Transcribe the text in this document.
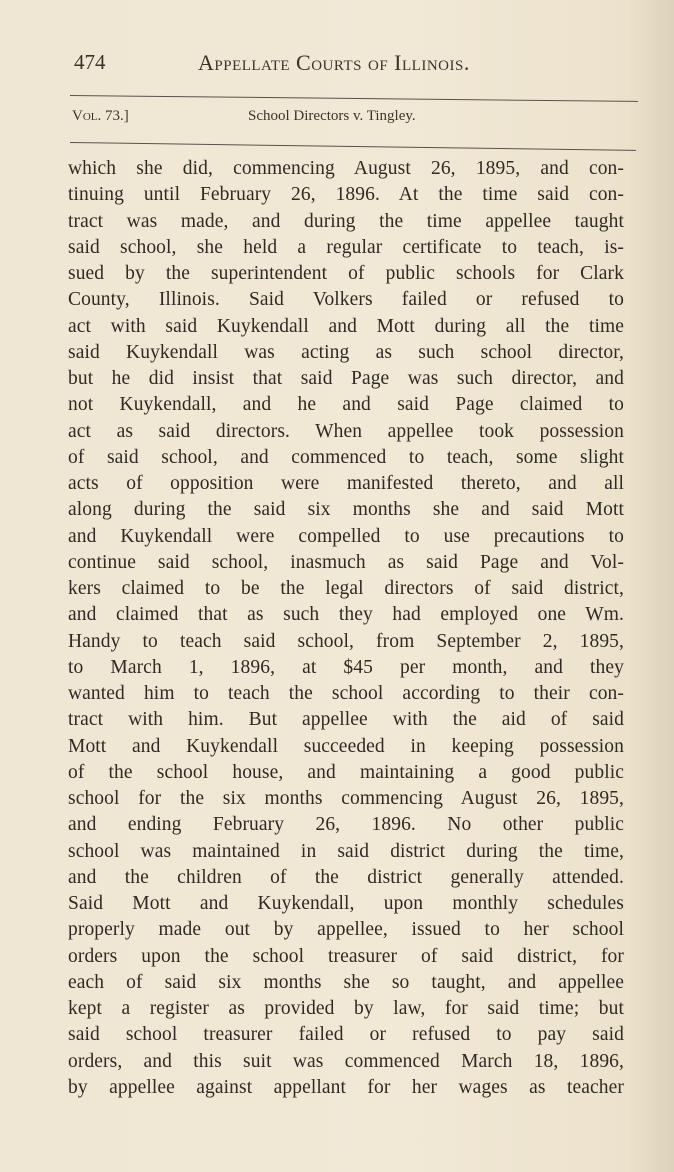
474	Appellate Courts of Illinois.
Vol. 73.]	School Directors v. Tingley.
which she did, commencing August 26, 1895, and con-
tinuing until February 26, 1896. At the time said con-
tract was made, and during the time appellee taught
said school, she held a regular certificate to teach, is-
sued by the superintendent of public schools for Clark
County, Illinois. Said Volkers failed or refused to
act with said Kuykendall and Mott during all the time
said Kuykendall was acting as such school director,
but he did insist that said Page was such director, and
not Kuykendall, and he and said Page claimed to
act as said directors. When appellee took possession
of said school, and commenced to teach, some slight
acts of opposition were manifested thereto, and all
along during the said six months she and said Mott
and Kuykendall were compelled to use precautions to
continue said school, inasmuch as said Page and Vol-
kers claimed to be the legal directors of said district,
and claimed that as such they had employed one Wm.
Handy to teach said school, from September 2, 1895,
to March 1, 1896, at $45 per month, and they
wanted him to teach the school according to their con-
tract with him. But appellee with the aid of said
Mott and Kuykendall succeeded in keeping possession
of the school house, and maintaining a good public
school for the six months commencing August 26, 1895,
and ending February 26, 1896. No other public
school was maintained in said district during the time,
and the children of the district generally attended.
Said Mott and Kuykendall, upon monthly schedules
properly made out by appellee, issued to her school
orders upon the school treasurer of said district, for
each of said six months she so taught, and appellee
kept a register as provided by law, for said time; but
said school treasurer failed or refused to pay said
orders, and this suit was commenced March 18, 1896,
by appellee against appellant for her wages as teacher
